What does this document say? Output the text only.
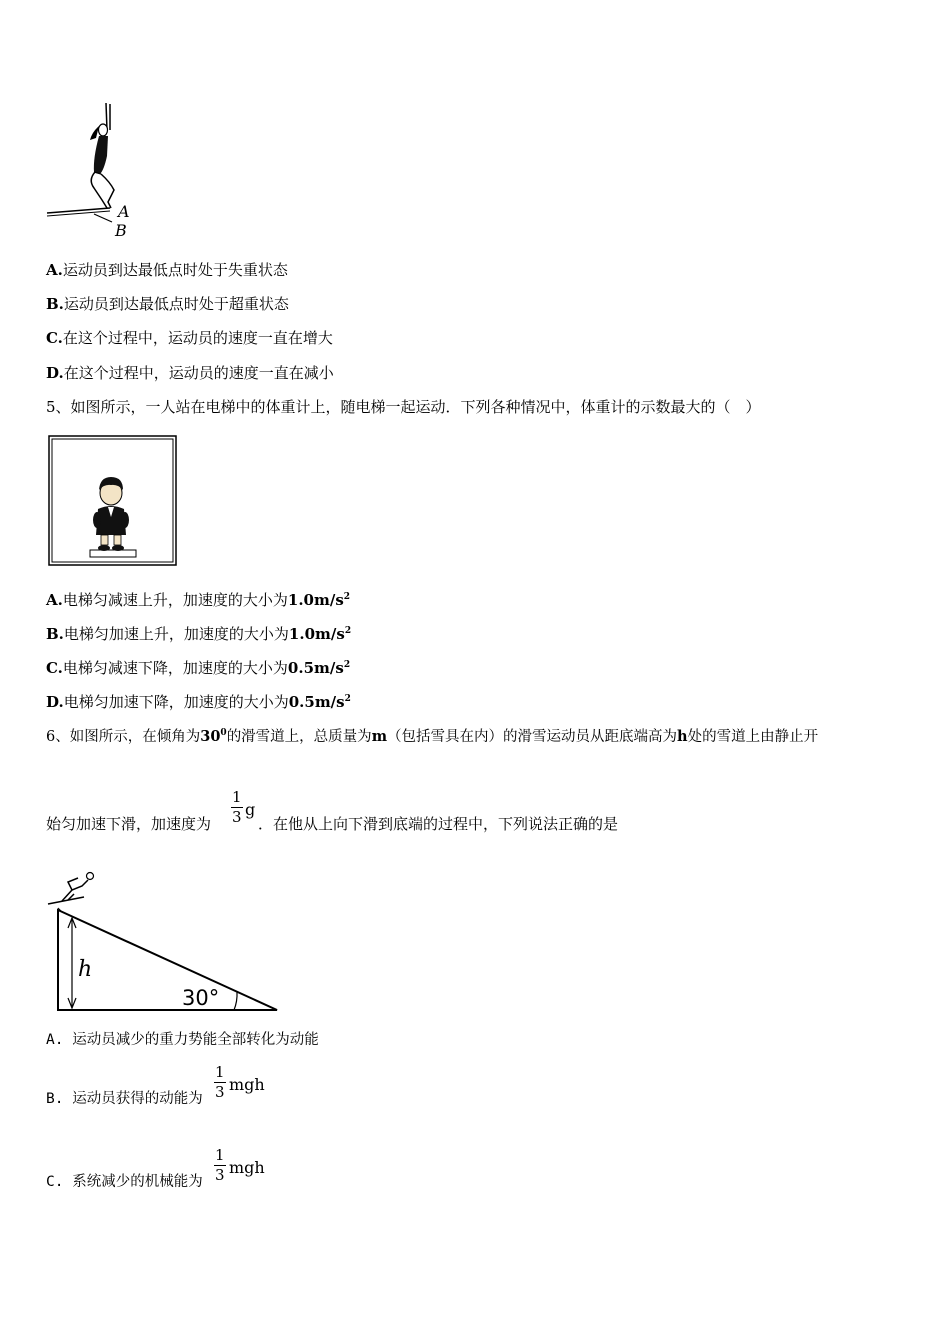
A
B
A.运动员到达最低点时处于失重状态
B.运动员到达最低点时处于超重状态
C.在这个过程中，运动员的速度一直在增大
D.在这个过程中，运动员的速度一直在减小
5、如图所示，一人站在电梯中的体重计上，随电梯一起运动．下列各种情况中，体重计的示数最大的（　）
A.电梯匀减速上升，加速度的大小为$1.0m/s^2$
B.电梯匀加速上升，加速度的大小为$1.0m/s^2$
C.电梯匀减速下降，加速度的大小为$0.5m/s^2$
D.电梯匀加速下降，加速度的大小为$0.5m/s^2$
6、如图所示，在倾角为$30^0$的滑雪道上，总质量为m（包括雪具在内）的滑雪运动员从距底端高为h处的雪道上由静止开
始匀加速下滑，加速度为
1
3 g
．在他从上向下滑到底端的过程中，下列说法正确的是
h
30°
A. 运动员减少的重力势能全部转化为动能
B. 运动员获得的动能为
1
3 mgh
C. 系统减少的机械能为
1
3 mgh
